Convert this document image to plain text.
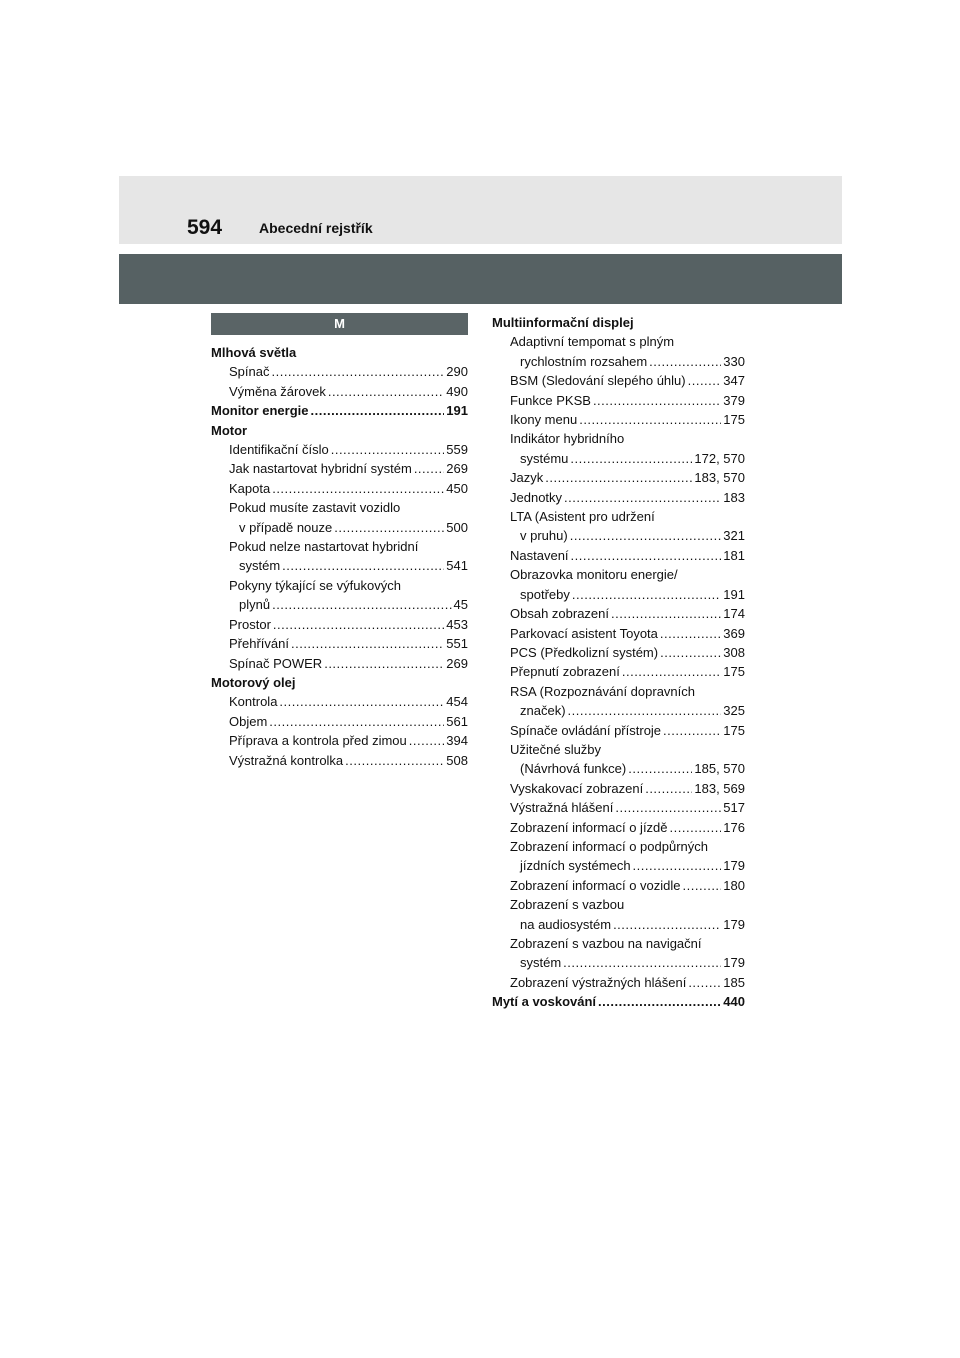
594	Abecední rejstřík
M
Mlhová světla
Spínač .....	290
Výměna žárovek .....	490
Monitor energie .....	191
Motor
Identifikační číslo .....	559
Jak nastartovat hybridní systém .....	269
Kapota .....	450
Pokud musíte zastavit vozidlo
v případě nouze .....	500
Pokud nelze nastartovat hybridní
systém .....	541
Pokyny týkající se výfukových
plynů .....	45
Prostor .....	453
Přehřívání .....	551
Spínač POWER .....	269
Motorový olej
Kontrola .....	454
Objem .....	561
Příprava a kontrola před zimou .....	394
Výstražná kontrolka .....	508
Multiinformační displej
Adaptivní tempomat s plným
rychlostním rozsahem .....	330
BSM (Sledování slepého úhlu) .....	347
Funkce PKSB .....	379
Ikony menu .....	175
Indikátor hybridního
systému .....	172, 570
Jazyk .....	183, 570
Jednotky .....	183
LTA (Asistent pro udržení
v pruhu) .....	321
Nastavení .....	181
Obrazovka monitoru energie/
spotřeby .....	191
Obsah zobrazení .....	174
Parkovací asistent Toyota .....	369
PCS (Předkolizní systém) .....	308
Přepnutí zobrazení .....	175
RSA (Rozpoznávání dopravních
značek) .....	325
Spínače ovládání přístroje .....	175
Užitečné služby
(Návrhová funkce) .....	185, 570
Vyskakovací zobrazení .....	183, 569
Výstražná hlášení .....	517
Zobrazení informací o jízdě .....	176
Zobrazení informací o podpůrných
jízdních systémech .....	179
Zobrazení informací o vozidle .....	180
Zobrazení s vazbou
na audiosystém .....	179
Zobrazení s vazbou na navigační
systém .....	179
Zobrazení výstražných hlášení .....	185
Mytí a voskování .....	440
